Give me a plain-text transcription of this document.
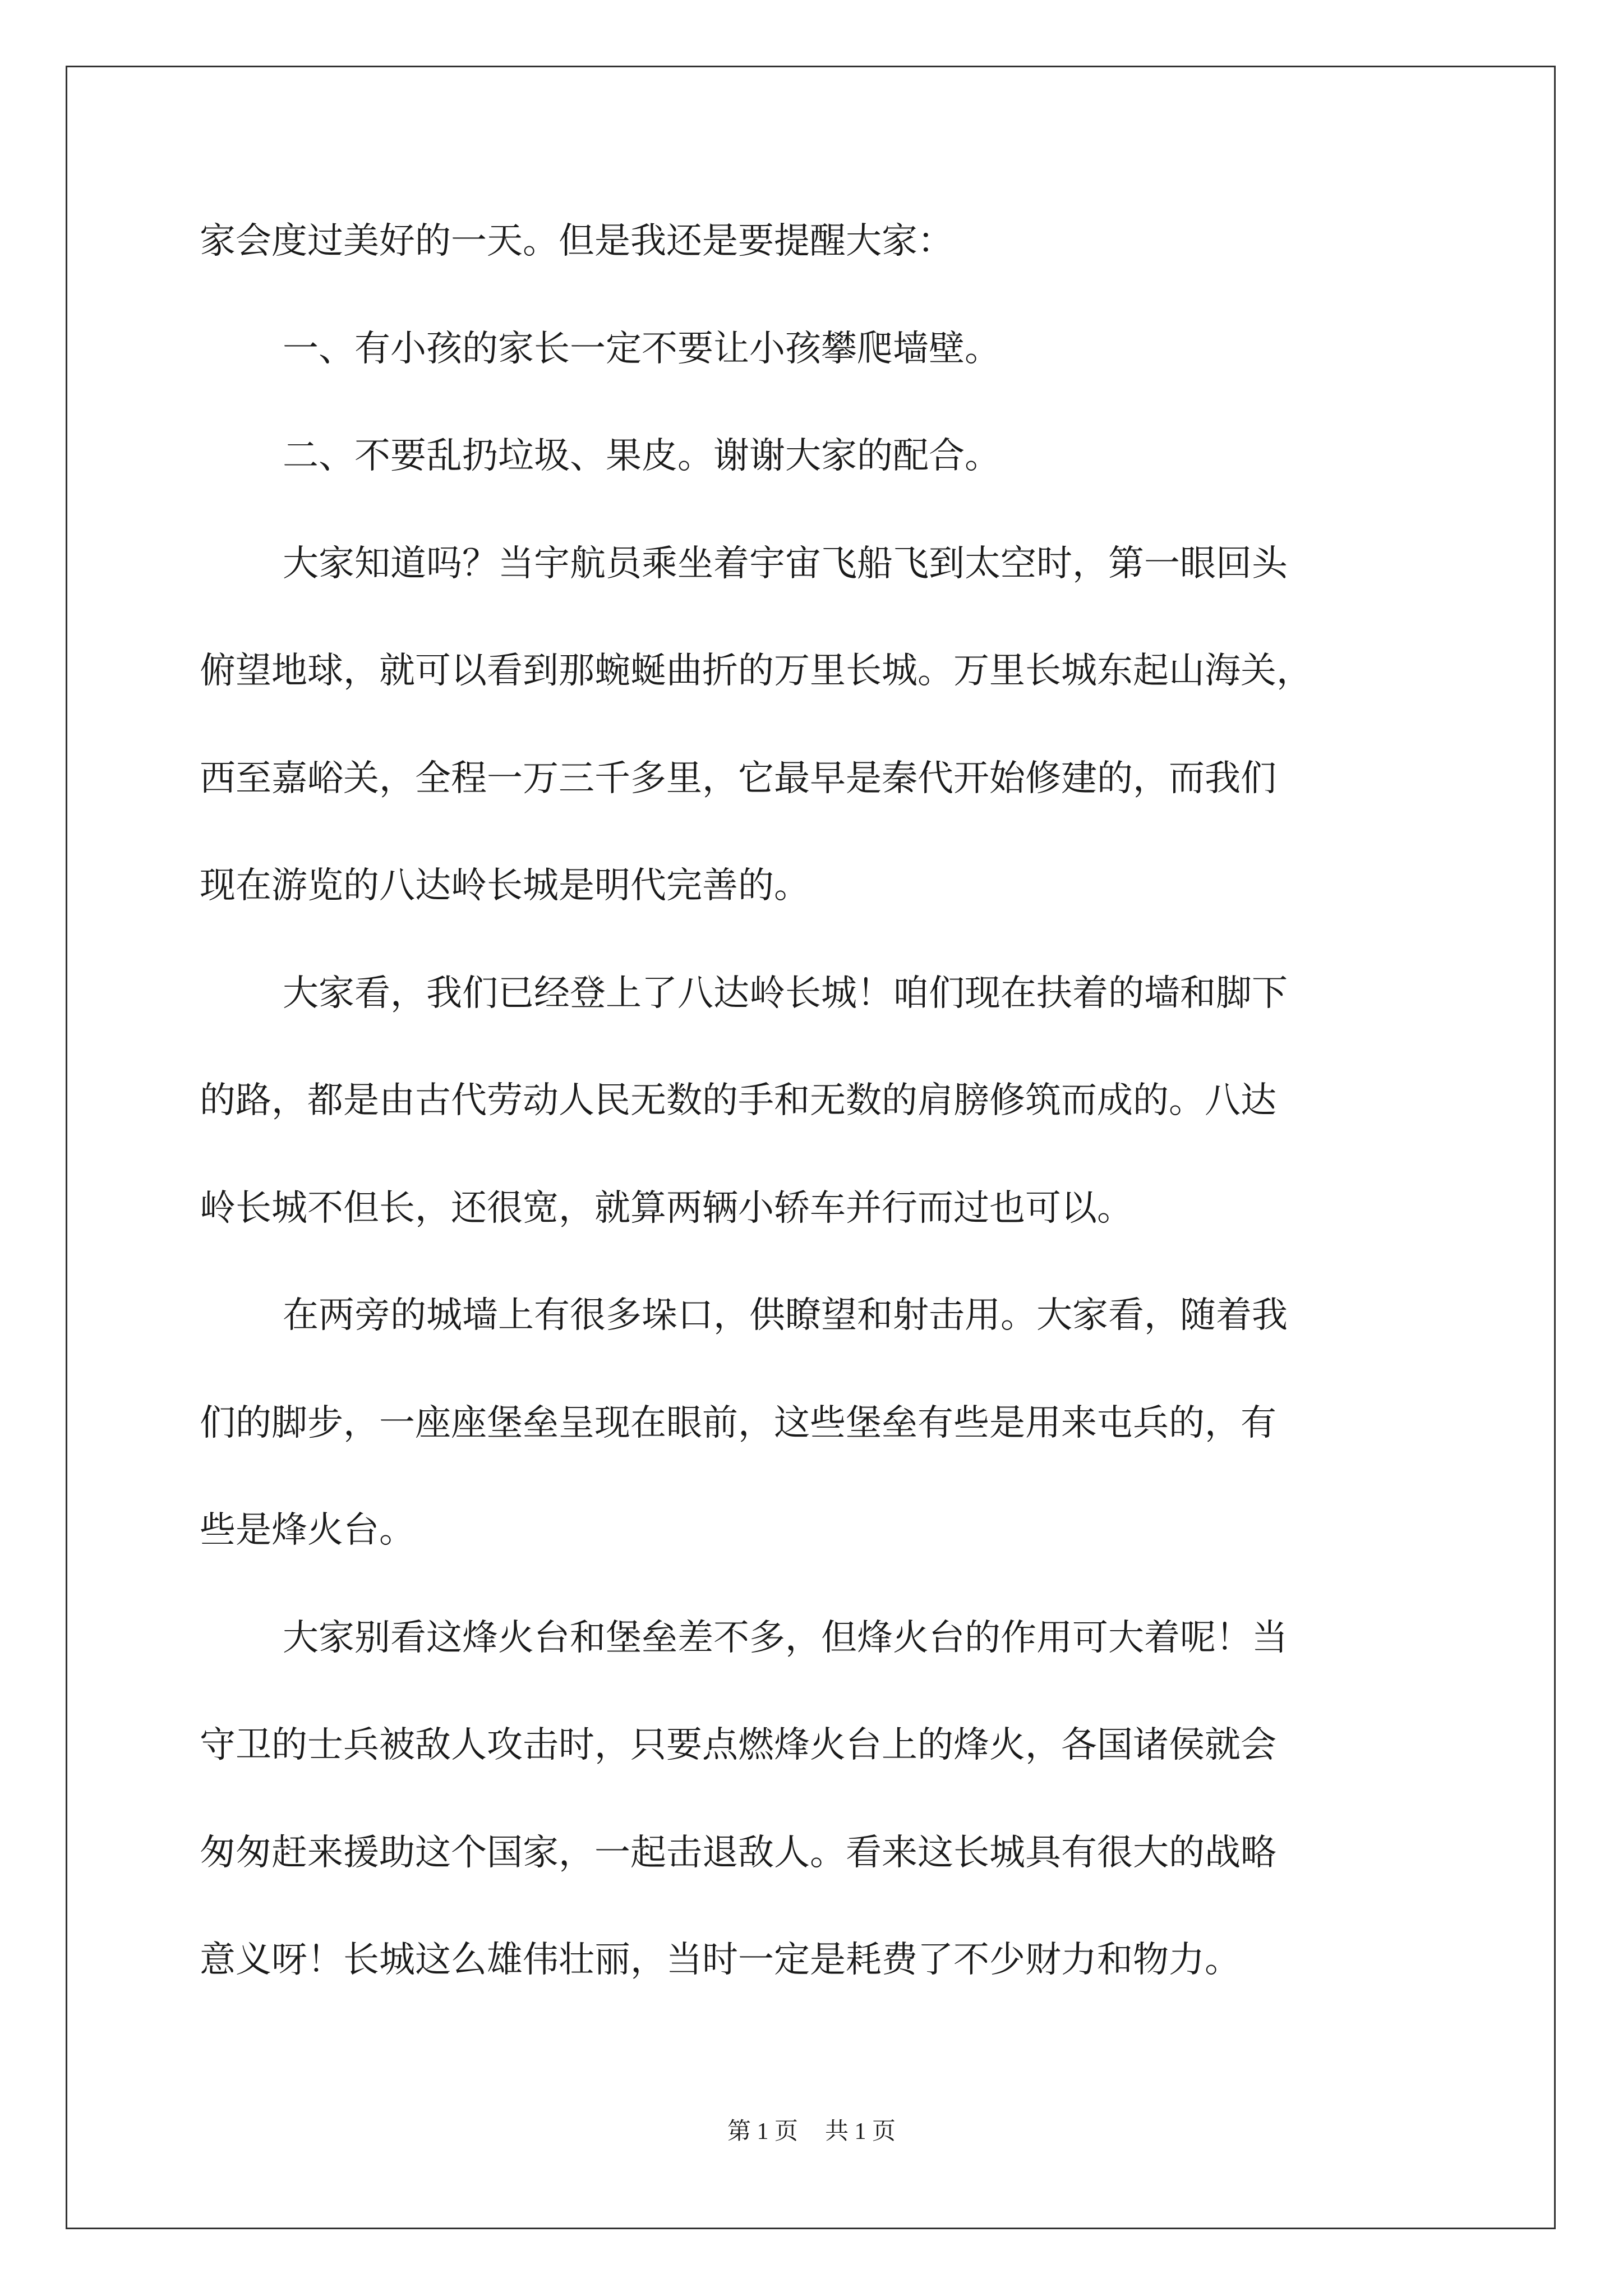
家会度过美好的一天。但是我还是要提醒大家：
一、有小孩的家长一定不要让小孩攀爬墙壁。
二、不要乱扔垃圾、果皮。谢谢大家的配合。
大家知道吗？当宇航员乘坐着宇宙飞船飞到太空时，第一眼回头
俯望地球，就可以看到那蜿蜒曲折的万里长城。万里长城东起山海关，
西至嘉峪关，全程一万三千多里，它最早是秦代开始修建的，而我们
现在游览的八达岭长城是明代完善的。
大家看，我们已经登上了八达岭长城！咱们现在扶着的墙和脚下
的路，都是由古代劳动人民无数的手和无数的肩膀修筑而成的。八达
岭长城不但长，还很宽，就算两辆小轿车并行而过也可以。
在两旁的城墙上有很多垛口，供瞭望和射击用。大家看，随着我
们的脚步，一座座堡垒呈现在眼前，这些堡垒有些是用来屯兵的，有
些是烽火台。
大家别看这烽火台和堡垒差不多，但烽火台的作用可大着呢！当
守卫的士兵被敌人攻击时，只要点燃烽火台上的烽火，各国诸侯就会
匆匆赶来援助这个国家，一起击退敌人。看来这长城具有很大的战略
意义呀！长城这么雄伟壮丽，当时一定是耗费了不少财力和物力。
第 1 页 共 1 页
